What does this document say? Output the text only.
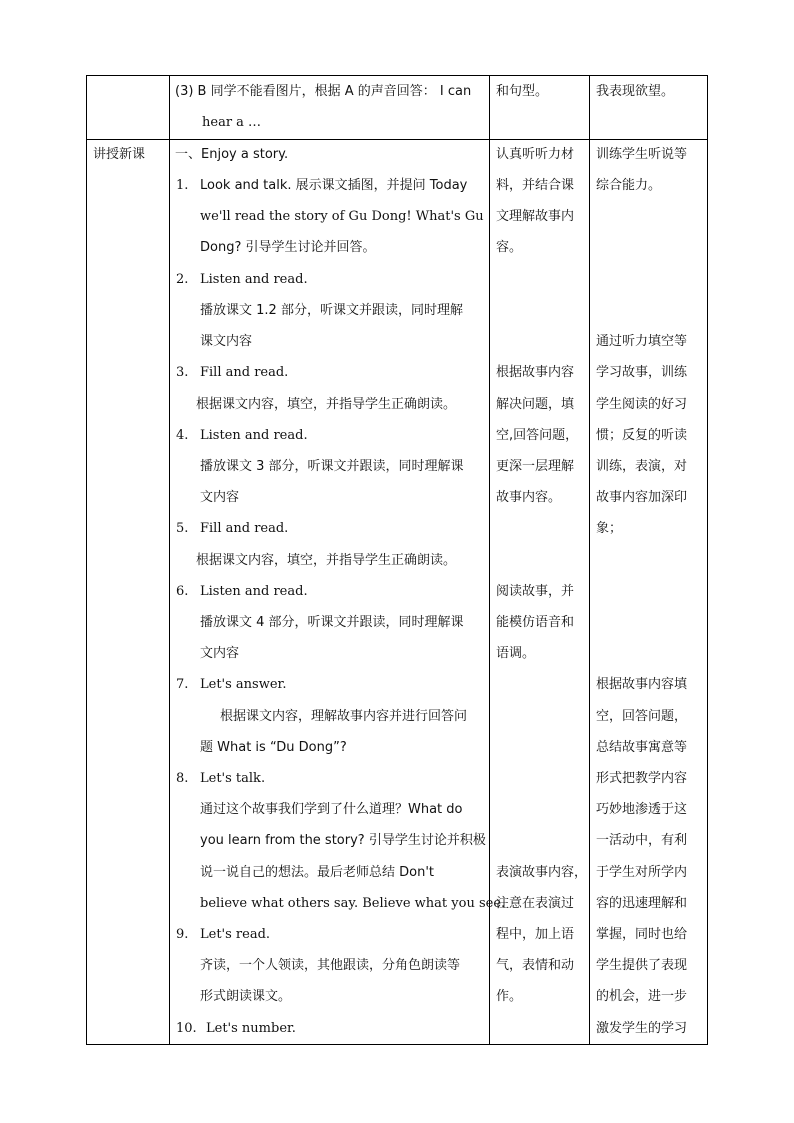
(3) B 同学不能看图片，根据 A 的声音回答： I can
hear a …
和句型。	我表现欲望。
讲授新课 一、Enjoy a story.
1. Look and talk. 展示课文插图，并提问 Today
we'll read the story of Gu Dong! What's Gu
Dong? 引导学生讨论并回答。
2. Listen and read.
播放课文 1.2 部分，听课文并跟读，同时理解
课文内容
3. Fill and read.
根据课文内容，填空，并指导学生正确朗读。
4. Listen and read.
播放课文 3 部分，听课文并跟读，同时理解课
文内容
5. Fill and read.
根据课文内容，填空，并指导学生正确朗读。
6. Listen and read.
播放课文 4 部分，听课文并跟读，同时理解课
文内容
7. Let's answer.
根据课文内容，理解故事内容并进行回答问
题 What is “Du Dong”?
8. Let's talk.
通过这个故事我们学到了什么道理？What do
you learn from the story? 引导学生讨论并积极
说一说自己的想法。最后老师总结 Don't
believe what others say. Believe what you see.
9. Let's read.
齐读，一个人领读，其他跟读，分角色朗读等
形式朗读课文。
10. Let's number.
认真听听力材
料，并结合课
文理解故事内
容。
根据故事内容
解决问题，填
空,回答问题，
更深一层理解
故事内容。
阅读故事，并
能模仿语音和
语调。
表演故事内容，
注意在表演过
程中，加上语
气，表情和动
作。
训练学生听说等
综合能力。
通过听力填空等
学习故事，训练
学生阅读的好习
惯；反复的听读
训练，表演，对
故事内容加深印
象；
根据故事内容填
空，回答问题，
总结故事寓意等
形式把教学内容
巧妙地渗透于这
一活动中，有利
于学生对所学内
容的迅速理解和
掌握，同时也给
学生提供了表现
的机会，进一步
激发学生的学习
